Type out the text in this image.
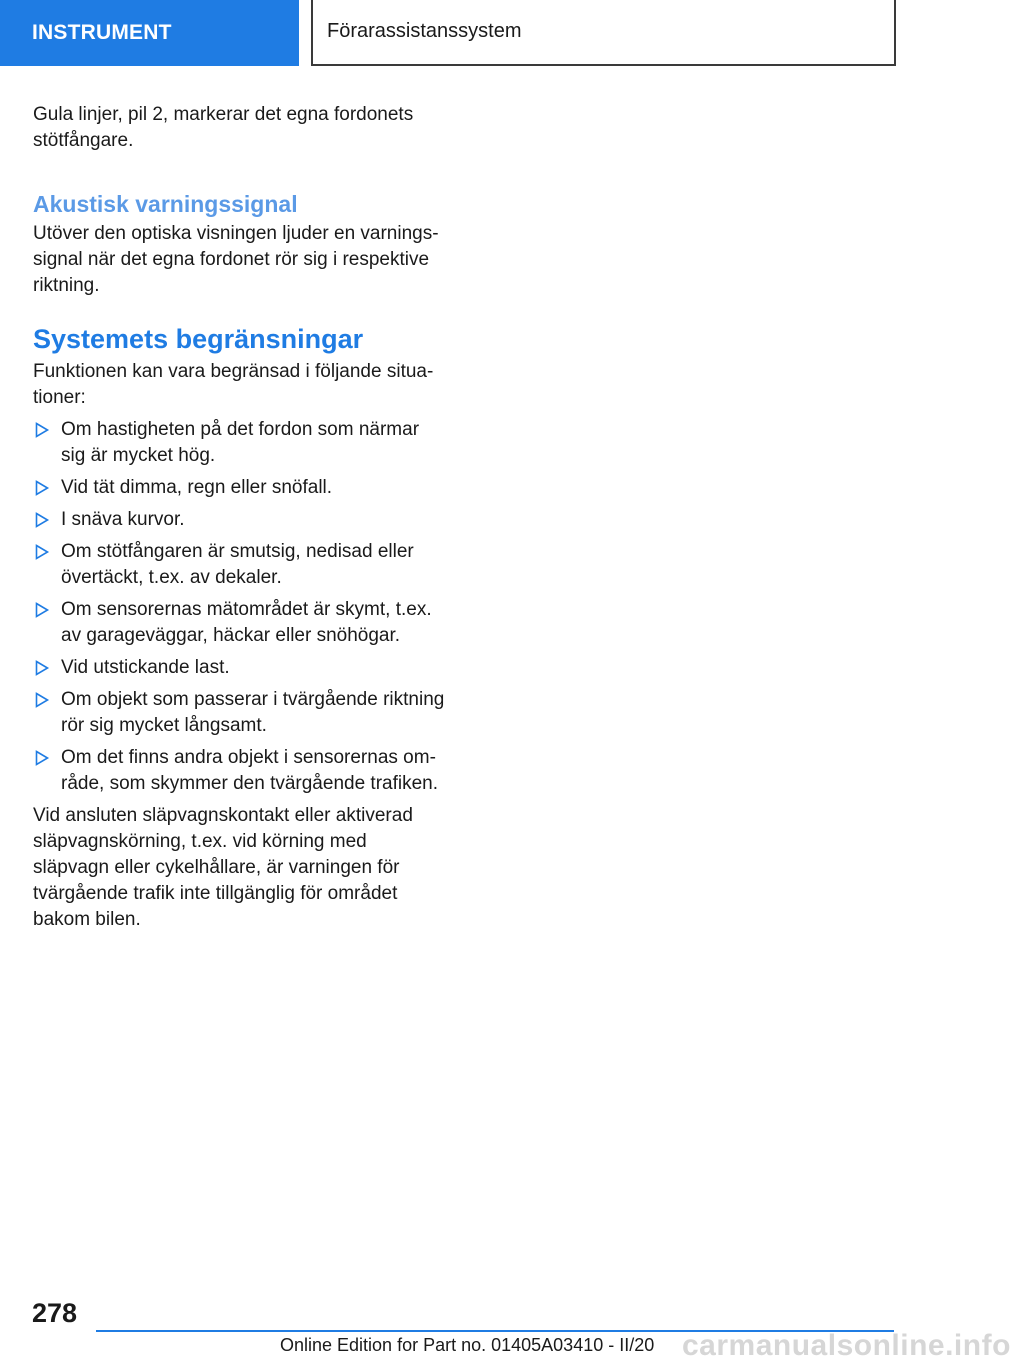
INSTRUMENT	Förarassistanssystem

Gula linjer, pil 2, markerar det egna fordonets stötfångare.

Akustisk varningssignal

Utöver den optiska visningen ljuder en varningssignal när det egna fordonet rör sig i respektive riktning.

Systemets begränsningar

Funktionen kan vara begränsad i följande situationer:

Om hastigheten på det fordon som närmar sig är mycket hög.
Vid tät dimma, regn eller snöfall.
I snäva kurvor.
Om stötfångaren är smutsig, nedisad eller övertäckt, t.ex. av dekaler.
Om sensorernas mätområdet är skymt, t.ex. av garageväggar, häckar eller snöhögar.
Vid utstickande last.
Om objekt som passerar i tvärgående riktning rör sig mycket långsamt.
Om det finns andra objekt i sensorernas område, som skymmer den tvärgående trafiken.

Vid ansluten släpvagnskontakt eller aktiverad släpvagnskörning, t.ex. vid körning med släpvagn eller cykelhållare, är varningen för tvärgående trafik inte tillgänglig för området bakom bilen.

278
Online Edition for Part no. 01405A03410 - II/20 carmanualsonline.info
